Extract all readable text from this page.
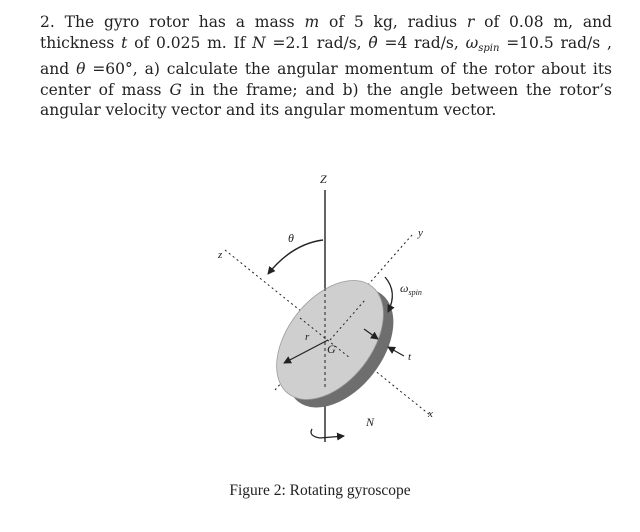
2. The gyro rotor has a mass m of 5 kg, radius r of 0.08 m, and thickness t of 0.025 m. If N =2.1 rad/s, θ̇ =4 rad/s, $\omega_{spin} =10.5$ rad/s , and θ =60°, a) calculate the angular momentum of the rotor about its center of mass G in the frame; and b) the angle between the rotor’s angular velocity vector and its angular momentum vector.

Z
z
θ	y
$\omega_{spin}$
r
G
t
x
N
Figure 2: Rotating gyroscope
